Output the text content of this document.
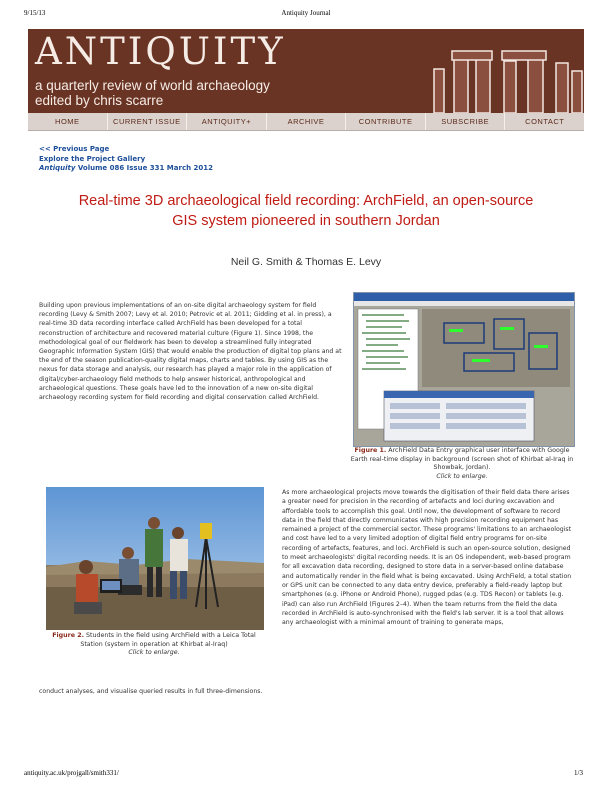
9/15/13	Antiquity Journal
ANTIQUITY
a quarterly review of world archaeology
edited by chris scarre
HOME	CURRENT ISSUE	ANTIQUITY+	ARCHIVE	CONTRIBUTE	SUBSCRIBE	CONTACT
<< Previous Page
Explore the Project Gallery
Antiquity Volume 086 Issue 331 March 2012
Real-time 3D archaeological field recording: ArchField, an open-source
GIS system pioneered in southern Jordan
Neil G. Smith & Thomas E. Levy
Building upon previous implementations of an on-site digital archaeology system for field recording (Levy & Smith 2007; Levy et al. 2010; Petrovic et al. 2011; Gidding et al. in press), a real-time 3D data recording interface called ArchField has been developed for a total reconstruction of architecture and recovered material culture (Figure 1). Since 1998, the methodological goal of our fieldwork has been to develop a streamlined fully integrated Geographic Information System (GIS) that would enable the production of digital top plans and at the end of the season publication-quality digital maps, charts and tables. By using GIS as the nexus for data storage and analysis, our research has played a major role in the application of digital/cyber-archaeology field methods to help answer historical, anthropological and archaeological questions. These goals have led to the innovation of a new on-site digital archaeology recording system for field recording and digital conservation called ArchField.
Figure 1. ArchField Data Entry graphical user interface with Google Earth real-time display in background (screen shot of Khirbat al-Iraq in Showbak, Jordan).
Click to enlarge.
Figure 2. Students in the field using ArchField with a Leica Total Station (system in operation at Khirbat al-Iraq)
Click to enlarge.
As more archaeological projects move towards the digitisation of their field data there arises a greater need for precision in the recording of artefacts and loci during excavation and affordable tools to accomplish this goal. Until now, the development of software to record data in the field that directly communicates with high precision recording equipment has remained a project of the commercial sector. These programs' limitations to an archaeologist and cost have led to a very limited adoption of digital field entry programs for on-site recording of artefacts, features, and loci. ArchField is such an open-source solution, designed to meet archaeologists' digital recording needs. It is an OS independent, web-based program for all excavation data recording, designed to store data in a server-based online database and automatically render in the field what is being excavated. Using ArchField, a total station or GPS unit can be connected to any data entry device, preferably a field-ready laptop but smartphones (e.g. iPhone or Android Phone), rugged pdas (e.g. TDS Recon) or tablets (e.g. iPad) can also run ArchField (Figures 2–4). When the team returns from the field the data recorded in ArchField is auto-synchronised with the field's lab server. It is a tool that allows any archaeologist with a minimal amount of training to generate maps,
conduct analyses, and visualise queried results in full three-dimensions.
antiquity.ac.uk/projgall/smith331/	1/3
